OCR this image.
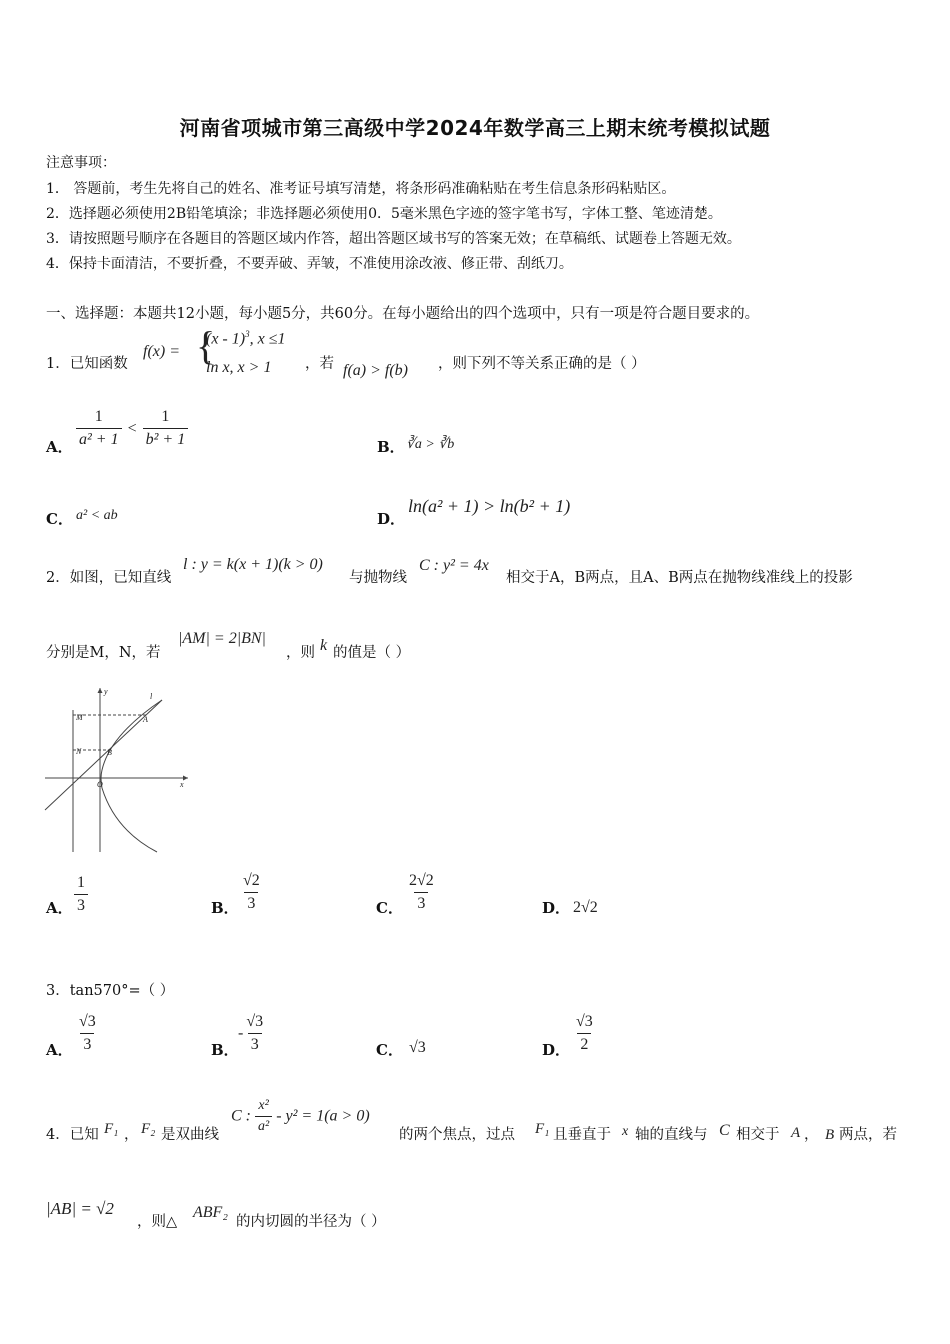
河南省项城市第三高级中学2024年数学高三上期末统考模拟试题
注意事项：
1． 答题前，考生先将自己的姓名、准考证号填写清楚，将条形码准确粘贴在考生信息条形码粘贴区。
2．选择题必须使用2B铅笔填涂；非选择题必须使用0．5毫米黑色字迹的签字笔书写，字体工整、笔迹清楚。
3．请按照题号顺序在各题目的答题区域内作答，超出答题区域书写的答案无效；在草稿纸、试题卷上答题无效。
4．保持卡面清洁，不要折叠，不要弄破、弄皱，不准使用涂改液、修正带、刮纸刀。
一、选择题：本题共12小题，每小题5分，共60分。在每小题给出的四个选项中，只有一项是符合题目要求的。
1．已知函数
f(x) = {
(x - 1)$^3$, x ≤1
ln x, x > 1 ，若 f(a) > f(b) ，则下列不等关系正确的是（ ）
A． $\frac{1}{\text{a² + 1}} < \frac{1}{\text{b² + 1}}$	B． ∛a > ∛b
C． a² < ab	D．
ln(a² + 1) > ln(b² + 1)
2．如图，已知直线
l : y = k(x + 1)(k > 0)
与抛物线
C : y² = 4x
相交于A，B两点，且A、B两点在抛物线准线上的投影
分别是M，N，若
|AM| = 2|BN|
，则 k 的值是（ ）
y
x
l
M
N
A
B
O
A． $\frac{1}{3}$	B． $\frac{√2}{3}$	C． $\frac{2√2}{3}$	D． 2√2
3．tan570°=（ ）
A． $\frac{√3}{3}$	B．
- $\frac{√3}{3}$	C． √3	D． $\frac{√3}{2}$
4．已知 F₁ ， F₂ 是双曲线
C : $\frac{\text{x²}}{\text{a²}} - y^2 = 1(a > 0)$
的两个焦点，过点 F₁ 且垂直于 x 轴的直线与 C 相交于 A ， B 两点，若
|AB| = √2
，则△
ABF₂
的内切圆的半径为（ ）
